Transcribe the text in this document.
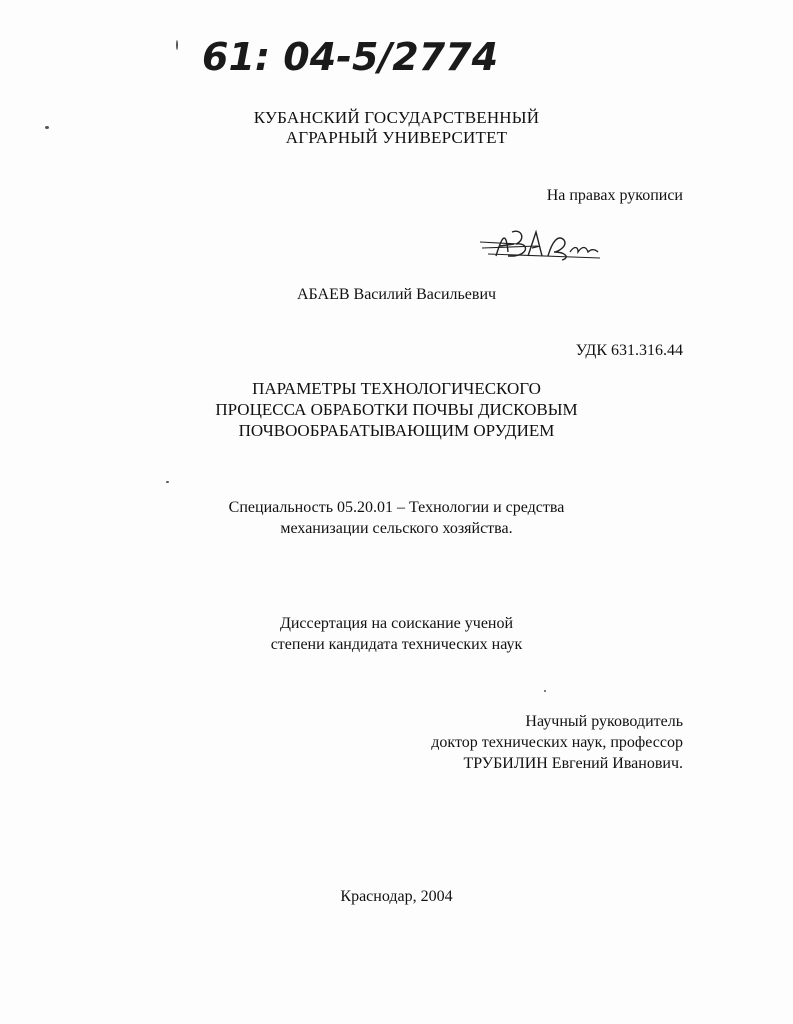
61: 04-5/2774
КУБАНСКИЙ ГОСУДАРСТВЕННЫЙ
АГРАРНЫЙ УНИВЕРСИТЕТ
На правах рукописи
АБАЕВ Василий Васильевич
УДК 631.316.44
ПАРАМЕТРЫ ТЕХНОЛОГИЧЕСКОГО
ПРОЦЕССА ОБРАБОТКИ ПОЧВЫ ДИСКОВЫМ
ПОЧВООБРАБАТЫВАЮЩИМ ОРУДИЕМ
Специальность 05.20.01 – Технологии и средства
механизации сельского хозяйства.
Диссертация на соискание ученой
степени кандидата технических наук
Научный руководитель
доктор технических наук, профессор
ТРУБИЛИН Евгений Иванович.
Краснодар, 2004
